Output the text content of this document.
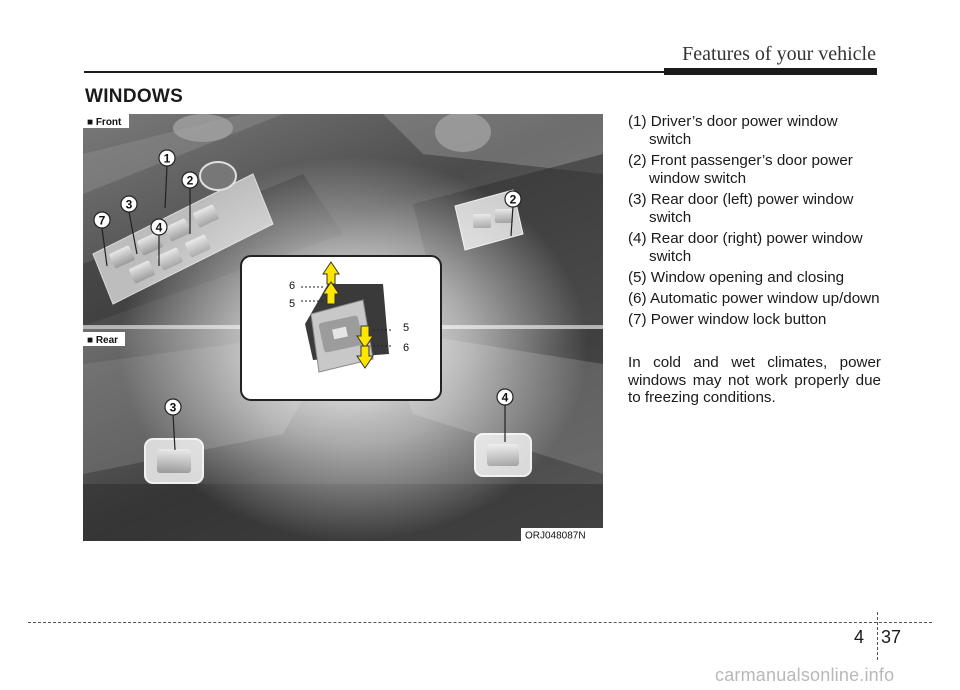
Features of your vehicle
WINDOWS
■ Front
■ Rear
1
2
3
4
7
2
3
4
6
5
5
6
ORJ048087N
(1) Driver’s door power window switch
(2) Front passenger’s door power window switch
(3) Rear door (left) power window switch
(4) Rear door (right) power window switch
(5) Window opening and closing
(6) Automatic power window up/down
(7) Power window lock button
In cold and wet climates, power windows may not work properly due to freezing conditions.
4 37
carmanualsonline.info
